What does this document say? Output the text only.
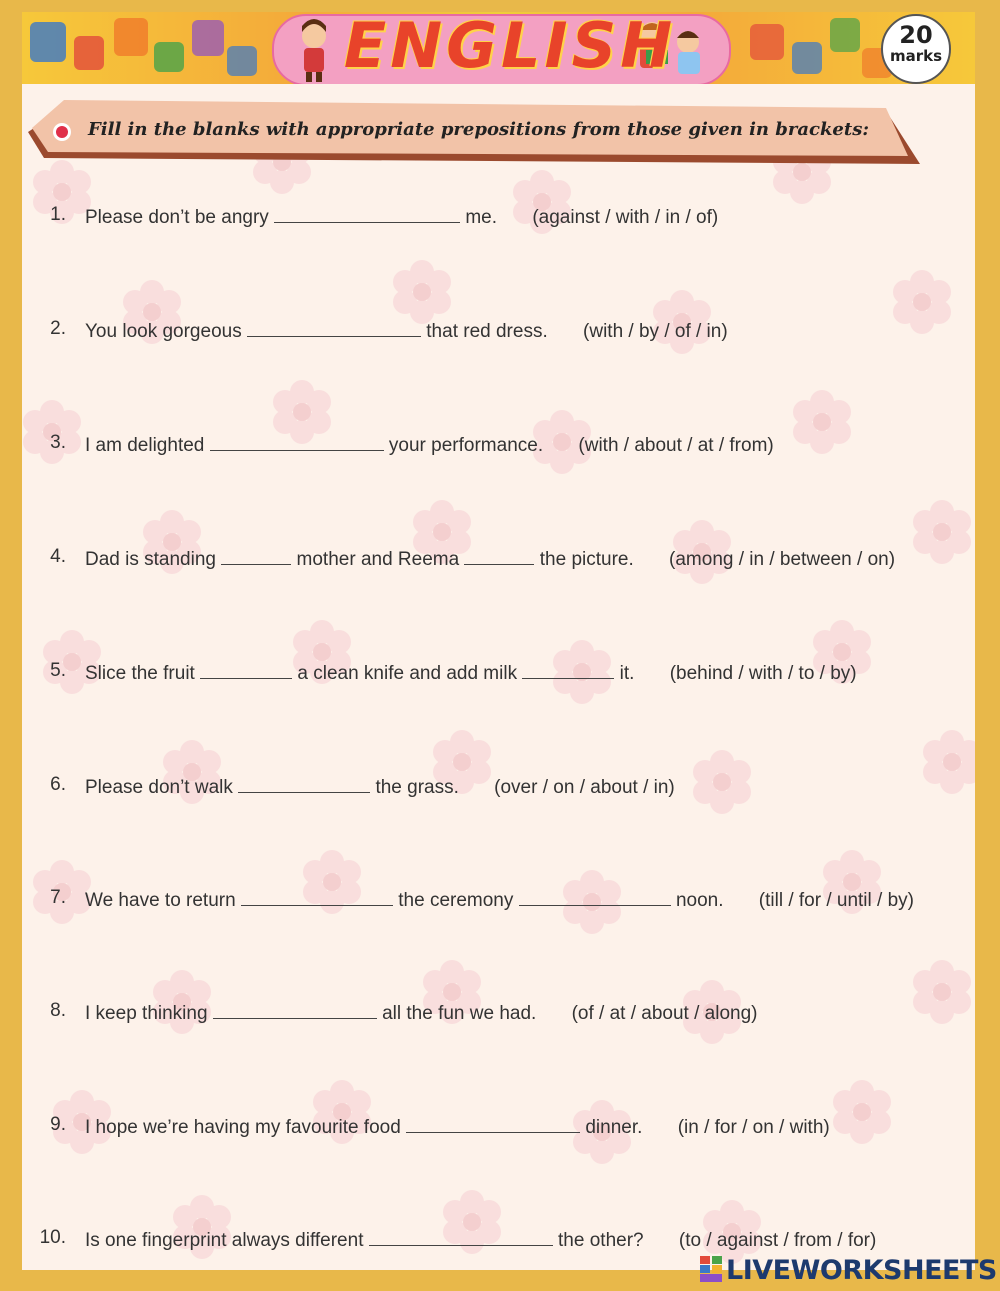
ENGLISH	20
marks
Fill in the blanks with appropriate prepositions from those given in brackets:
1. Please don’t be angry	me. (against / with / in / of)
2. You look gorgeous	that red dress. (with / by / of / in)
3. I am delighted	your performance. (with / about / at / from)
4. Dad is standing	mother and Reema	the picture. (among / in / between / on)
5. Slice the fruit	a clean knife and add milk	it. (behind / with / to / by)
6. Please don’t walk	the grass. (over / on / about / in)
7. We have to return	the ceremony	noon. (till / for / until / by)
8. I keep thinking	all the fun we had. (of / at / about / along)
9. I hope we’re having my favourite food	dinner. (in / for / on / with)
10. Is one fingerprint always different	the other? (to / against / from / for)
LIVEWORKSHEETS
